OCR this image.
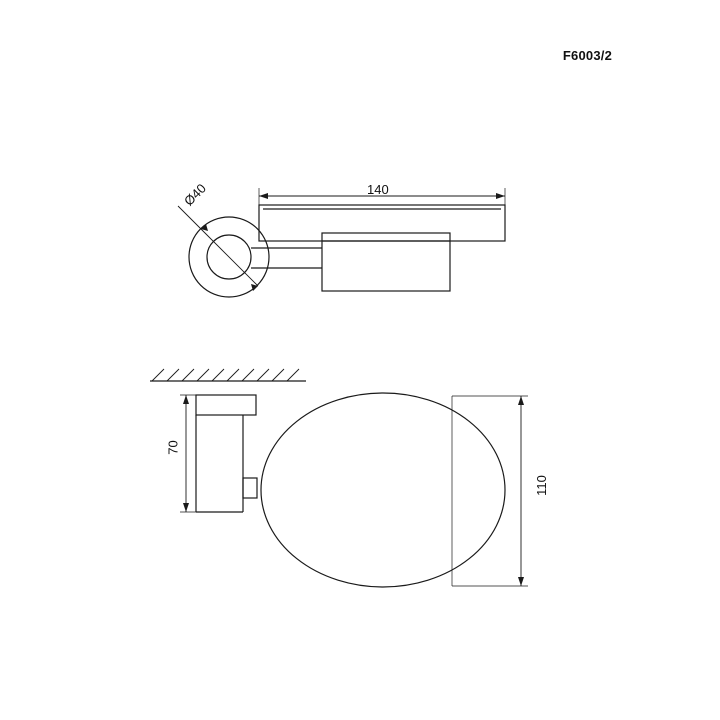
F6003/2
140
Ø40
70
110
